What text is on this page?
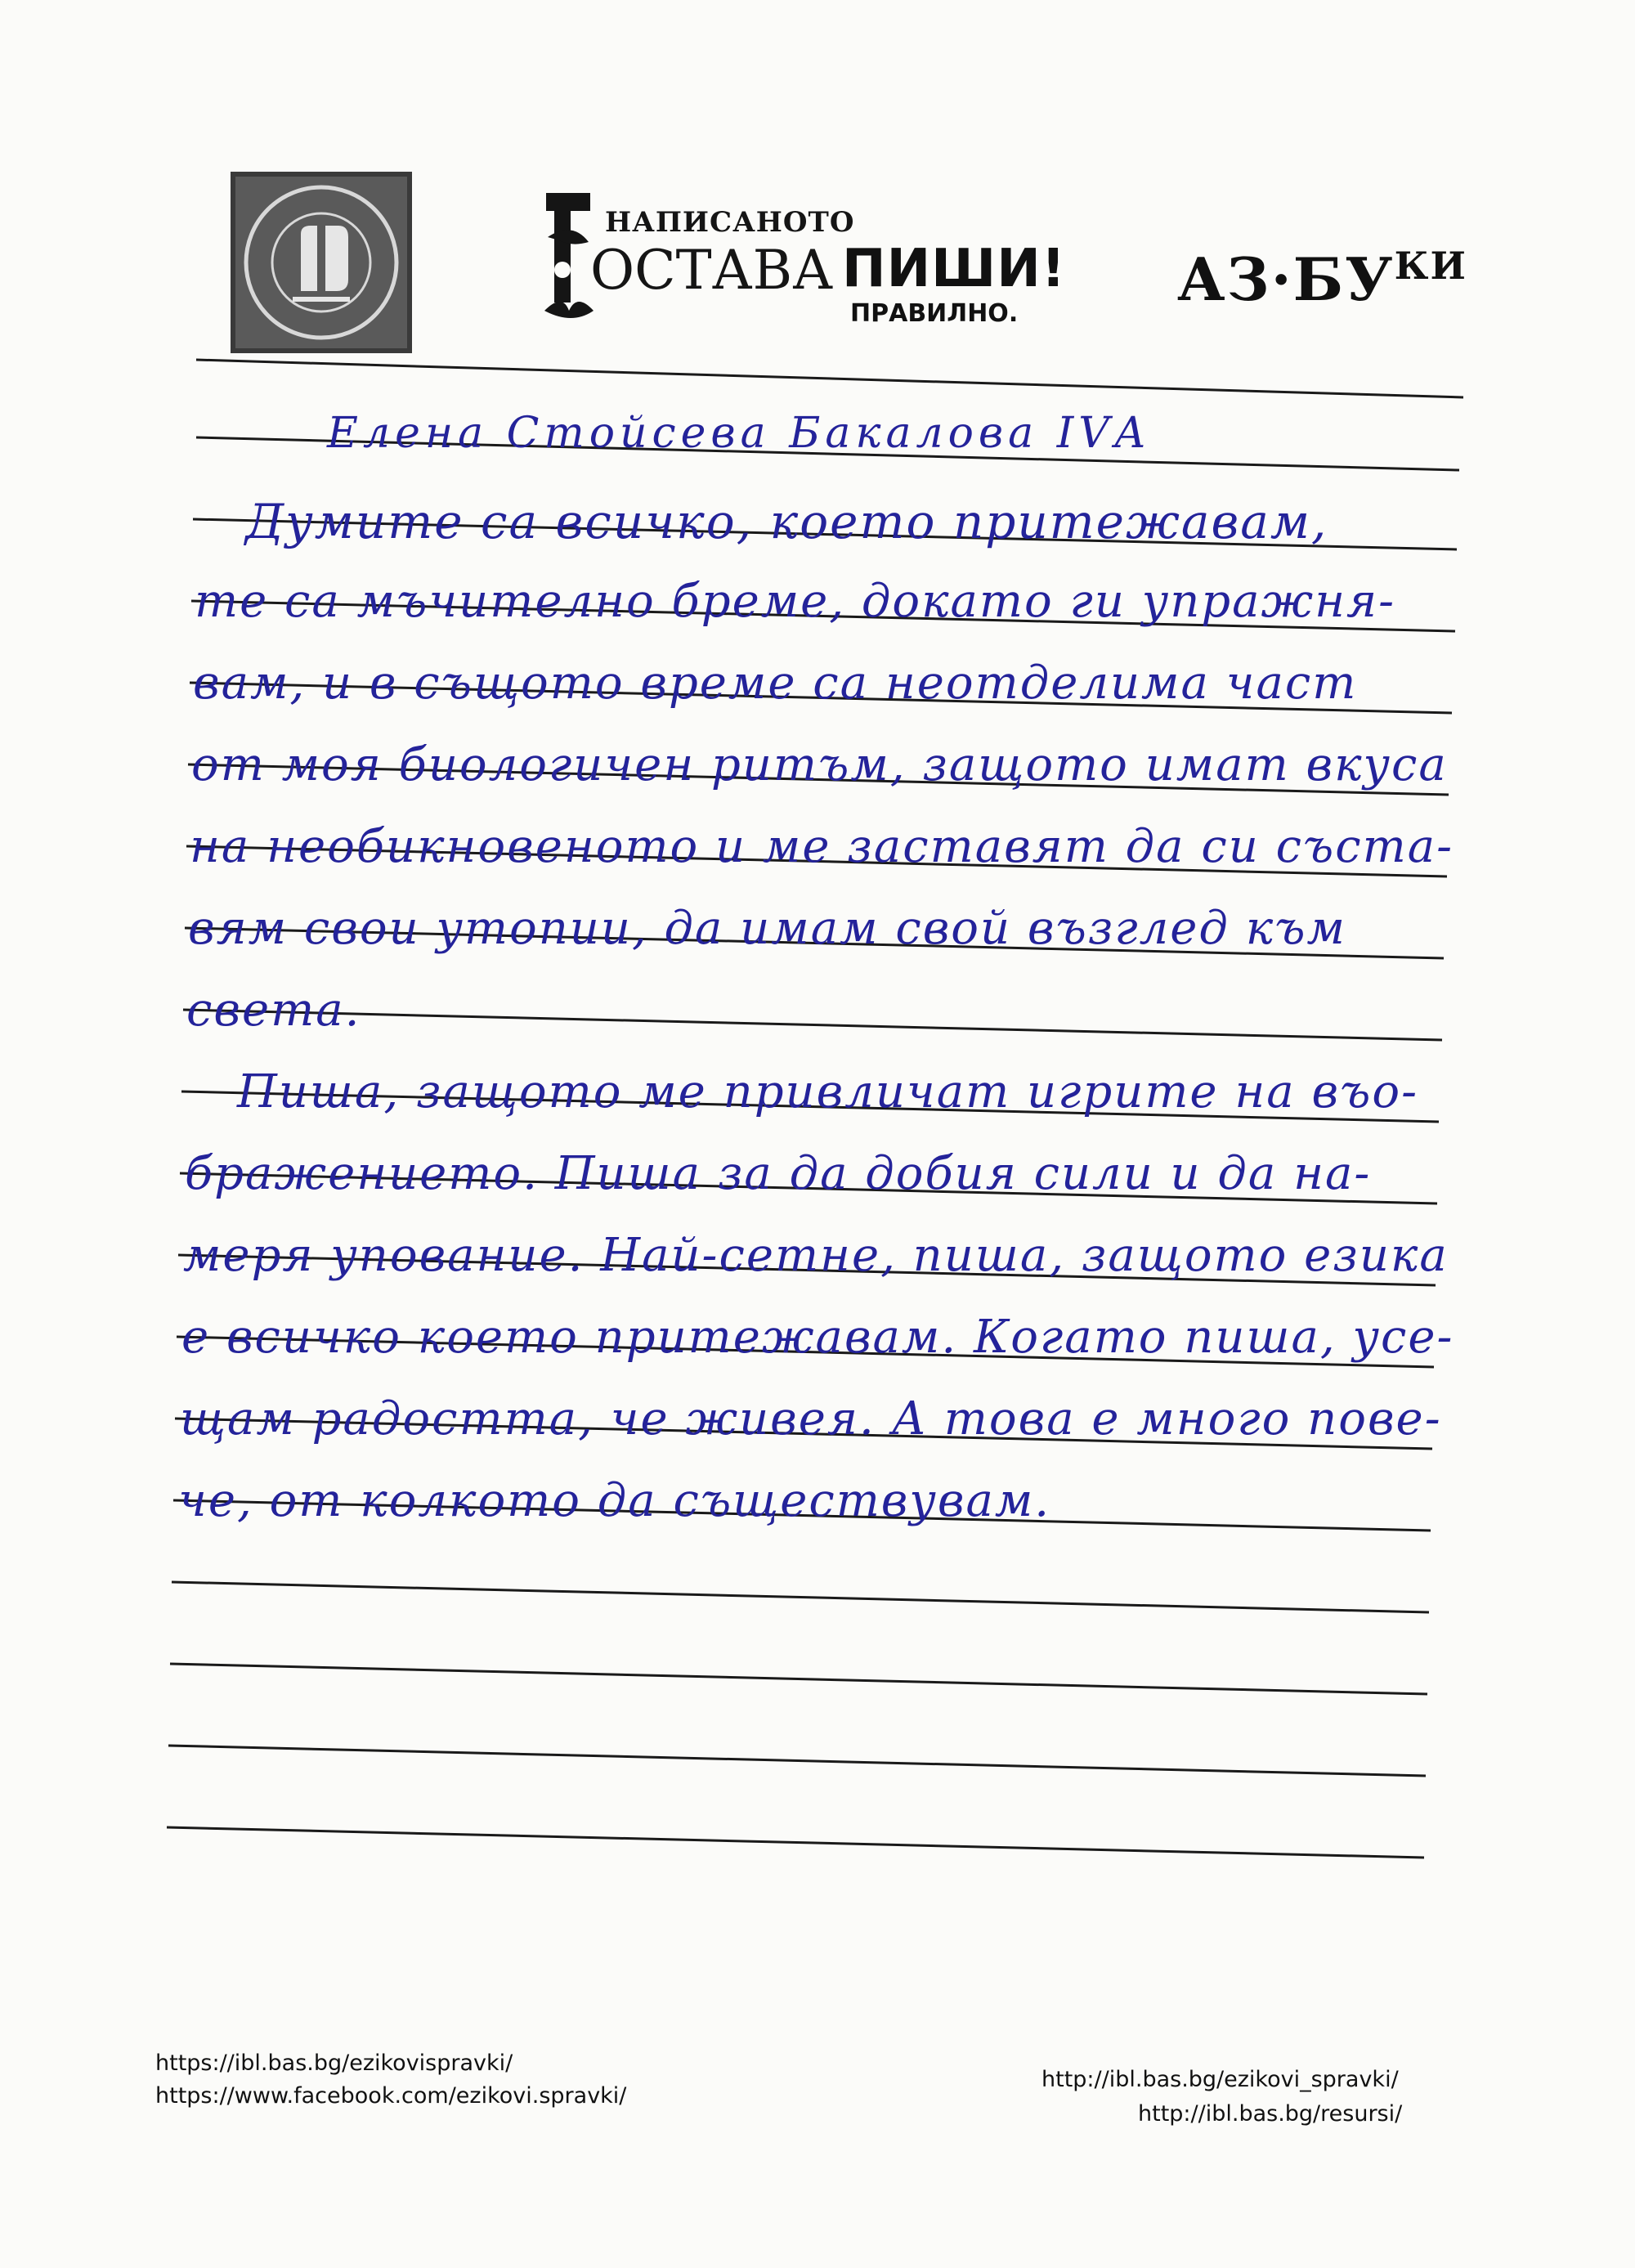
НАПИСАНОТО
ОСТАВА ПИШИ!
ПРАВИЛНО.	$АЗ\cdot БУ^{КИ}$
Елена Стойсева Бакалова IVА
Думите са всичко, което притежавам,
те са мъчително бреме, докато ги упражня-
вам, и в същото време са неотделима част
от моя биологичен ритъм, защото имат вкуса
на необикновеното и ме заставят да си съста-
вям свои утопии, да имам свой възглед към
света.
Пиша, защото ме привличат игрите на въо-
бражението. Пиша за да добия сили и да на-
меря упование. Най-сетне, пиша, защото езика
е всичко което притежавам. Когато пиша, усе-
щам радостта, че живея. А това е много пове-
че, от колкото да съществувам.
https://ibl.bas.bg/ezikovispravki/
https://www.facebook.com/ezikovi.spravki/
http://ibl.bas.bg/ezikovi_spravki/
http://ibl.bas.bg/resursi/
